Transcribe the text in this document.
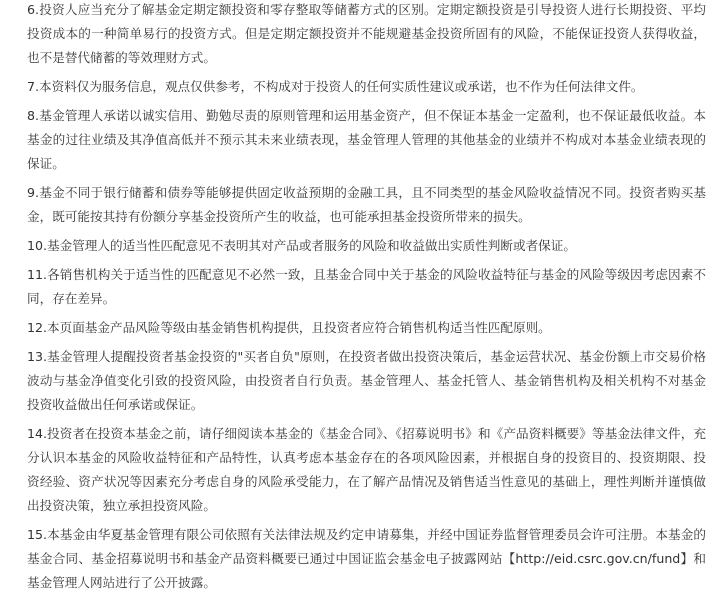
6.投资人应当充分了解基金定期定额投资和零存整取等储蓄方式的区别。定期定额投资是引导投资人进行长期投资、平均投资成本的一种简单易行的投资方式。但是定期定额投资并不能规避基金投资所固有的风险，不能保证投资人获得收益，也不是替代储蓄的等效理财方式。

7.本资料仅为服务信息，观点仅供参考，不构成对于投资人的任何实质性建议或承诺，也不作为任何法律文件。

8.基金管理人承诺以诚实信用、勤勉尽责的原则管理和运用基金资产，但不保证本基金一定盈利，也不保证最低收益。本基金的过往业绩及其净值高低并不预示其未来业绩表现，基金管理人管理的其他基金的业绩并不构成对本基金业绩表现的保证。

9.基金不同于银行储蓄和债券等能够提供固定收益预期的金融工具，且不同类型的基金风险收益情况不同。投资者购买基金，既可能按其持有份额分享基金投资所产生的收益，也可能承担基金投资所带来的损失。

10.基金管理人的适当性匹配意见不表明其对产品或者服务的风险和收益做出实质性判断或者保证。

11.各销售机构关于适当性的匹配意见不必然一致，且基金合同中关于基金的风险收益特征与基金的风险等级因考虑因素不同，存在差异。

12.本页面基金产品风险等级由基金销售机构提供，且投资者应符合销售机构适当性匹配原则。

13.基金管理人提醒投资者基金投资的"买者自负"原则，在投资者做出投资决策后，基金运营状况、基金份额上市交易价格波动与基金净值变化引致的投资风险，由投资者自行负责。基金管理人、基金托管人、基金销售机构及相关机构不对基金投资收益做出任何承诺或保证。

14.投资者在投资本基金之前，请仔细阅读本基金的《基金合同》、《招募说明书》和《产品资料概要》等基金法律文件，充分认识本基金的风险收益特征和产品特性，认真考虑本基金存在的各项风险因素，并根据自身的投资目的、投资期限、投资经验、资产状况等因素充分考虑自身的风险承受能力，在了解产品情况及销售适当性意见的基础上，理性判断并谨慎做出投资决策，独立承担投资风险。

15.本基金由华夏基金管理有限公司依照有关法律法规及约定申请募集，并经中国证券监督管理委员会许可注册。本基金的基金合同、基金招募说明书和基金产品资料概要已通过中国证监会基金电子披露网站【http://eid.csrc.gov.cn/fund】和基金管理人网站进行了公开披露。
